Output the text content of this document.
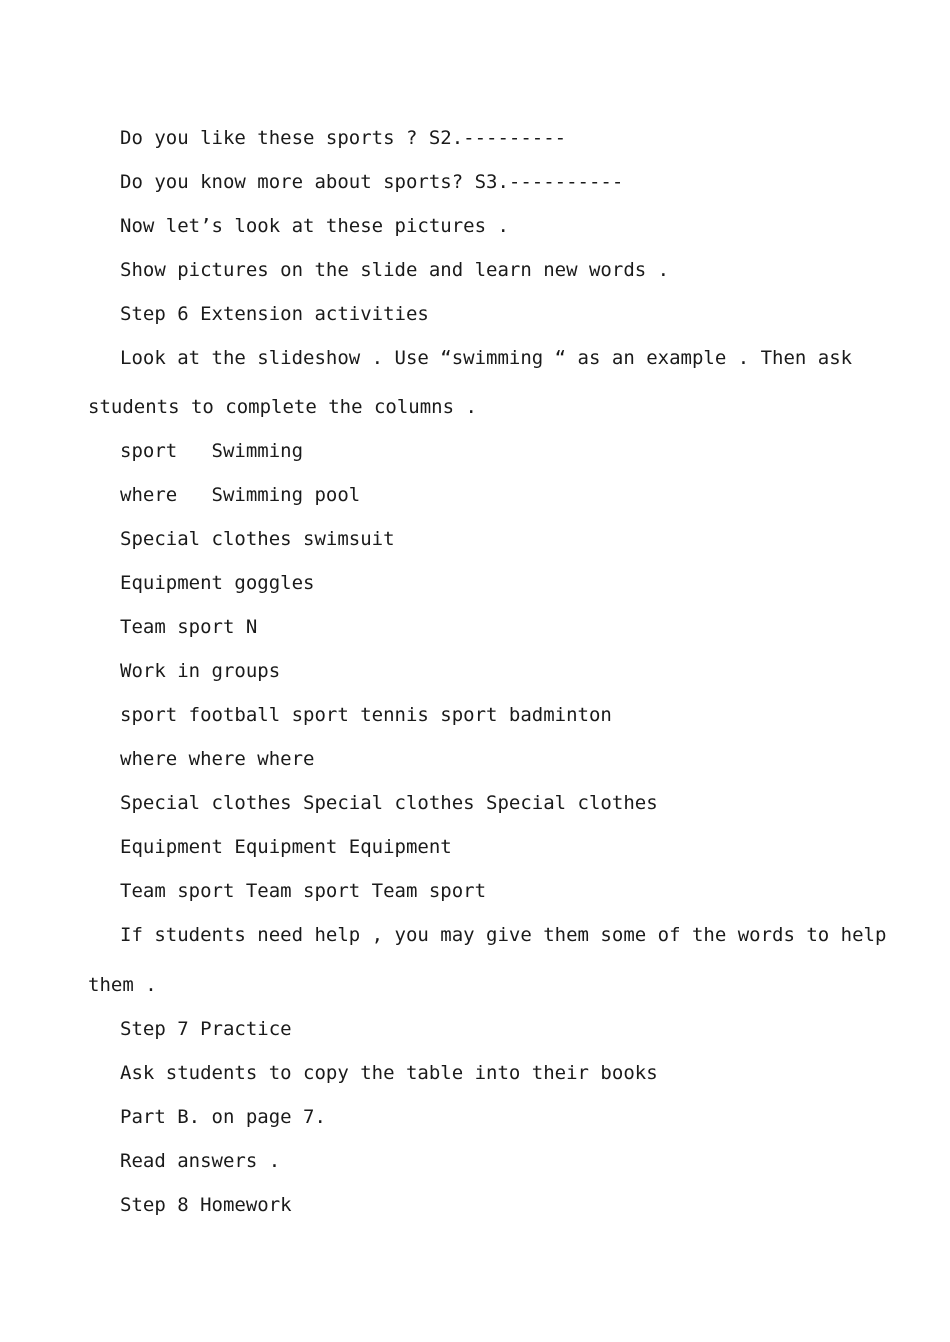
Do you like these sports ? S2.---------

Do you know more about sports? S3.----------

Now let’s look at these pictures .

Show pictures on the slide and learn new words .

Step 6 Extension activities

Look at the slideshow . Use “swimming “ as an example . Then ask

students to complete the columns .

sport   Swimming

where   Swimming pool

Special clothes swimsuit

Equipment goggles

Team sport N

Work in groups

sport football sport tennis sport badminton

where where where

Special clothes Special clothes Special clothes

Equipment Equipment Equipment

Team sport Team sport Team sport

If students need help , you may give them some of the words to help

them .

Step 7 Practice

Ask students to copy the table into their books

Part B. on page 7.

Read answers .

Step 8 Homework
